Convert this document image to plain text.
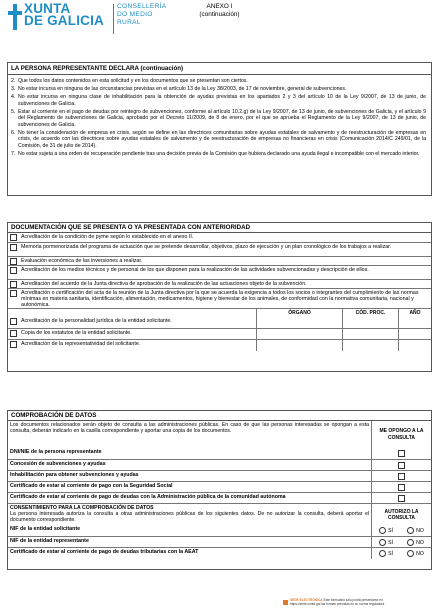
XUNTA
DE GALICIA
CONSELLERÍA
DO MEDIO
RURAL
ANEXO I
(continuación)
LA PERSONA REPRESENTANTE DECLARA (continuación)
2. Que todos los datos contenidos en esta solicitud y en los documentos que se presentan son ciertos.
3. No estar incursa en ninguna de las circunstancias previstas en el artículo 13 de la Ley 38/2003, de 17 de noviembre, general de subvenciones.
4. No estar incursa en ninguna clase de inhabilitación para la obtención de ayudas previstas en los apartados 2 y 3 del artículo 10 de la Ley 9/2007, de 13 de junio, de subvenciones de Galicia.
5. Estar al corriente en el pago de deudas por reintegro de subvenciones, conforme al artículo 10.2.g) de la Ley 9/2007, de 13 de junio, de subvenciones de Galicia, y el artículo 9 del Reglamento de subvenciones de Galicia, aprobado por el Decreto 11/2009, de 8 de enero, por el que se aprueba el Reglamento de la Ley 9/2007, de 13 de junio, de subvenciones de Galicia.
6. No tener la consideración de empresa en crisis, según se define en las directrices comunitarias sobre ayudas estatales de salvamento y de reestructuración de empresas en crisis, de acuerdo con las directrices sobre ayudas estatales de salvamento y de reestructuración de empresas no financieras en crisis (Comunicación 2014/C 249/01, de la Comisión, de 31 de julio de 2014).
7. No estar sujeta a una orden de recuperación pendiente tras una decisión previa de la Comisión que hubiera declarado una ayuda ilegal e incompatible con el mercado interior.
DOCUMENTACIÓN QUE SE PRESENTA O YA PRESENTADA CON ANTERIORIDAD
Acreditación de la condición de pyme según lo establecido en el anexo II.
Memoria pormenorizada del programa de actuación que se pretende desarrollar, objetivos, plazo de ejecución y un plan cronológico de los trabajos a realizar.
Evaluación económica de las inversiones a realizar.
Acreditación de los medios técnicos y de personal de los que disponen para la realización de las actividades subvencionadas y descripción de ellos.
Acreditación del acuerdo de la Junta directiva de aprobación de la realización de las actuaciones objeto de la subvención.
Acreditación o certificación del acta de la reunión de la Junta directiva por la que se acuerda la exigencia a todos los socios o integrantes del cumplimiento de las normas mínimas en materia sanitaria, identificación, alimentación, medicamentos, higiene y bienestar de los animales, de conformidad con la normativa comunitaria, nacional y autonómica.
ÓRGANO	CÓD. PROC.	AÑO
Acreditación de la personalidad jurídica de la entidad solicitante.
Copia de los estatutos de la entidad solicitante.
Acreditación de la representatividad del solicitante.
COMPROBACIÓN DE DATOS
Los documentos relacionados serán objeto de consulta a las administraciones públicas. En caso de que las personas interesadas se opongan a esta consulta, deberán indicarlo en la casilla correspondiente y aportar una copia de los documentos.	ME OPONGO A LA CONSULTA
DNI/NIE de la persona representante
Concesión de subvenciones y ayudas
Inhabilitación para obtener subvenciones y ayudas
Certificado de estar al corriente de pago con la Seguridad Social
Certificado de estar al corriente de pago de deudas con la Administración pública de la comunidad autónoma
CONSENTIMIENTO PARA LA COMPROBACIÓN DE DATOS
La persona interesada autoriza la consulta a otras administraciones públicas de los siguientes datos. De no autorizar la consulta, deberá aportar el documento correspondiente.
AUTORIZO LA CONSULTA
NIF de la entidad solicitante	SÍ	NO
NIF de la entidad representante	SÍ	NO
Certificado de estar al corriente de pago de deudas tributarias con la AEAT	SÍ	NO
SEDE ELECTRÓNICA Este formulario sólo podrá presentarse en
https://sede.xunta.gal las formas previstas en su norma reguladora
